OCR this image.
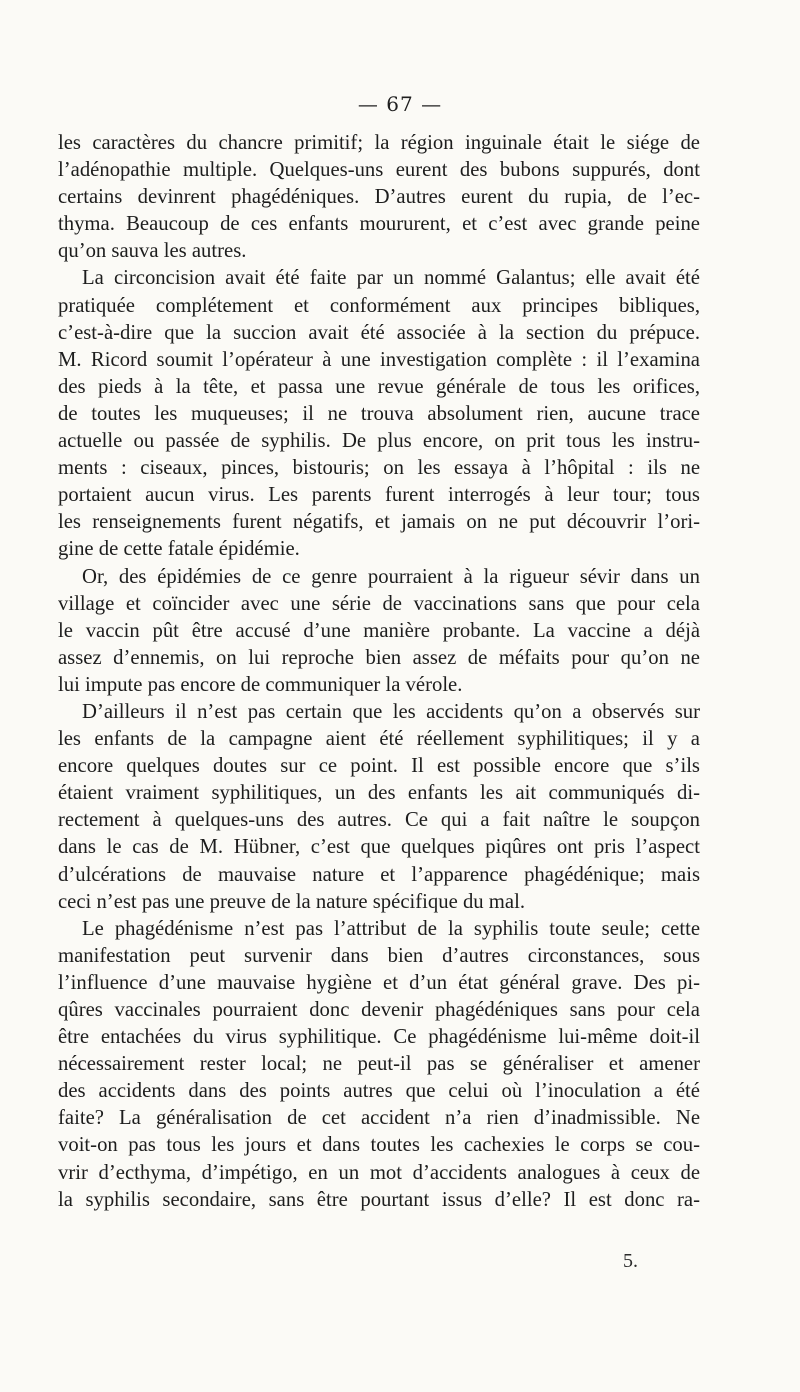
— 67 —
les caractères du chancre primitif; la région inguinale était le siége de
l’adénopathie multiple. Quelques-uns eurent des bubons suppurés, dont
certains devinrent phagédéniques. D’autres eurent du rupia, de l’ec-
thyma. Beaucoup de ces enfants moururent, et c’est avec grande peine
qu’on sauva les autres.
La circoncision avait été faite par un nommé Galantus; elle avait été
pratiquée complétement et conformément aux principes bibliques,
c’est-à-dire que la succion avait été associée à la section du prépuce.
M. Ricord soumit l’opérateur à une investigation complète : il l’examina
des pieds à la tête, et passa une revue générale de tous les orifices,
de toutes les muqueuses; il ne trouva absolument rien, aucune trace
actuelle ou passée de syphilis. De plus encore, on prit tous les instru-
ments : ciseaux, pinces, bistouris; on les essaya à l’hôpital : ils ne
portaient aucun virus. Les parents furent interrogés à leur tour; tous
les renseignements furent négatifs, et jamais on ne put découvrir l’ori-
gine de cette fatale épidémie.
Or, des épidémies de ce genre pourraient à la rigueur sévir dans un
village et coïncider avec une série de vaccinations sans que pour cela
le vaccin pût être accusé d’une manière probante. La vaccine a déjà
assez d’ennemis, on lui reproche bien assez de méfaits pour qu’on ne
lui impute pas encore de communiquer la vérole.
D’ailleurs il n’est pas certain que les accidents qu’on a observés sur
les enfants de la campagne aient été réellement syphilitiques; il y a
encore quelques doutes sur ce point. Il est possible encore que s’ils
étaient vraiment syphilitiques, un des enfants les ait communiqués di-
rectement à quelques-uns des autres. Ce qui a fait naître le soupçon
dans le cas de M. Hübner, c’est que quelques piqûres ont pris l’aspect
d’ulcérations de mauvaise nature et l’apparence phagédénique; mais
ceci n’est pas une preuve de la nature spécifique du mal.
Le phagédénisme n’est pas l’attribut de la syphilis toute seule; cette
manifestation peut survenir dans bien d’autres circonstances, sous
l’influence d’une mauvaise hygiène et d’un état général grave. Des pi-
qûres vaccinales pourraient donc devenir phagédéniques sans pour cela
être entachées du virus syphilitique. Ce phagédénisme lui-même doit-il
nécessairement rester local; ne peut-il pas se généraliser et amener
des accidents dans des points autres que celui où l’inoculation a été
faite? La généralisation de cet accident n’a rien d’inadmissible. Ne
voit-on pas tous les jours et dans toutes les cachexies le corps se cou-
vrir d’ecthyma, d’impétigo, en un mot d’accidents analogues à ceux de
la syphilis secondaire, sans être pourtant issus d’elle? Il est donc ra-
5.
